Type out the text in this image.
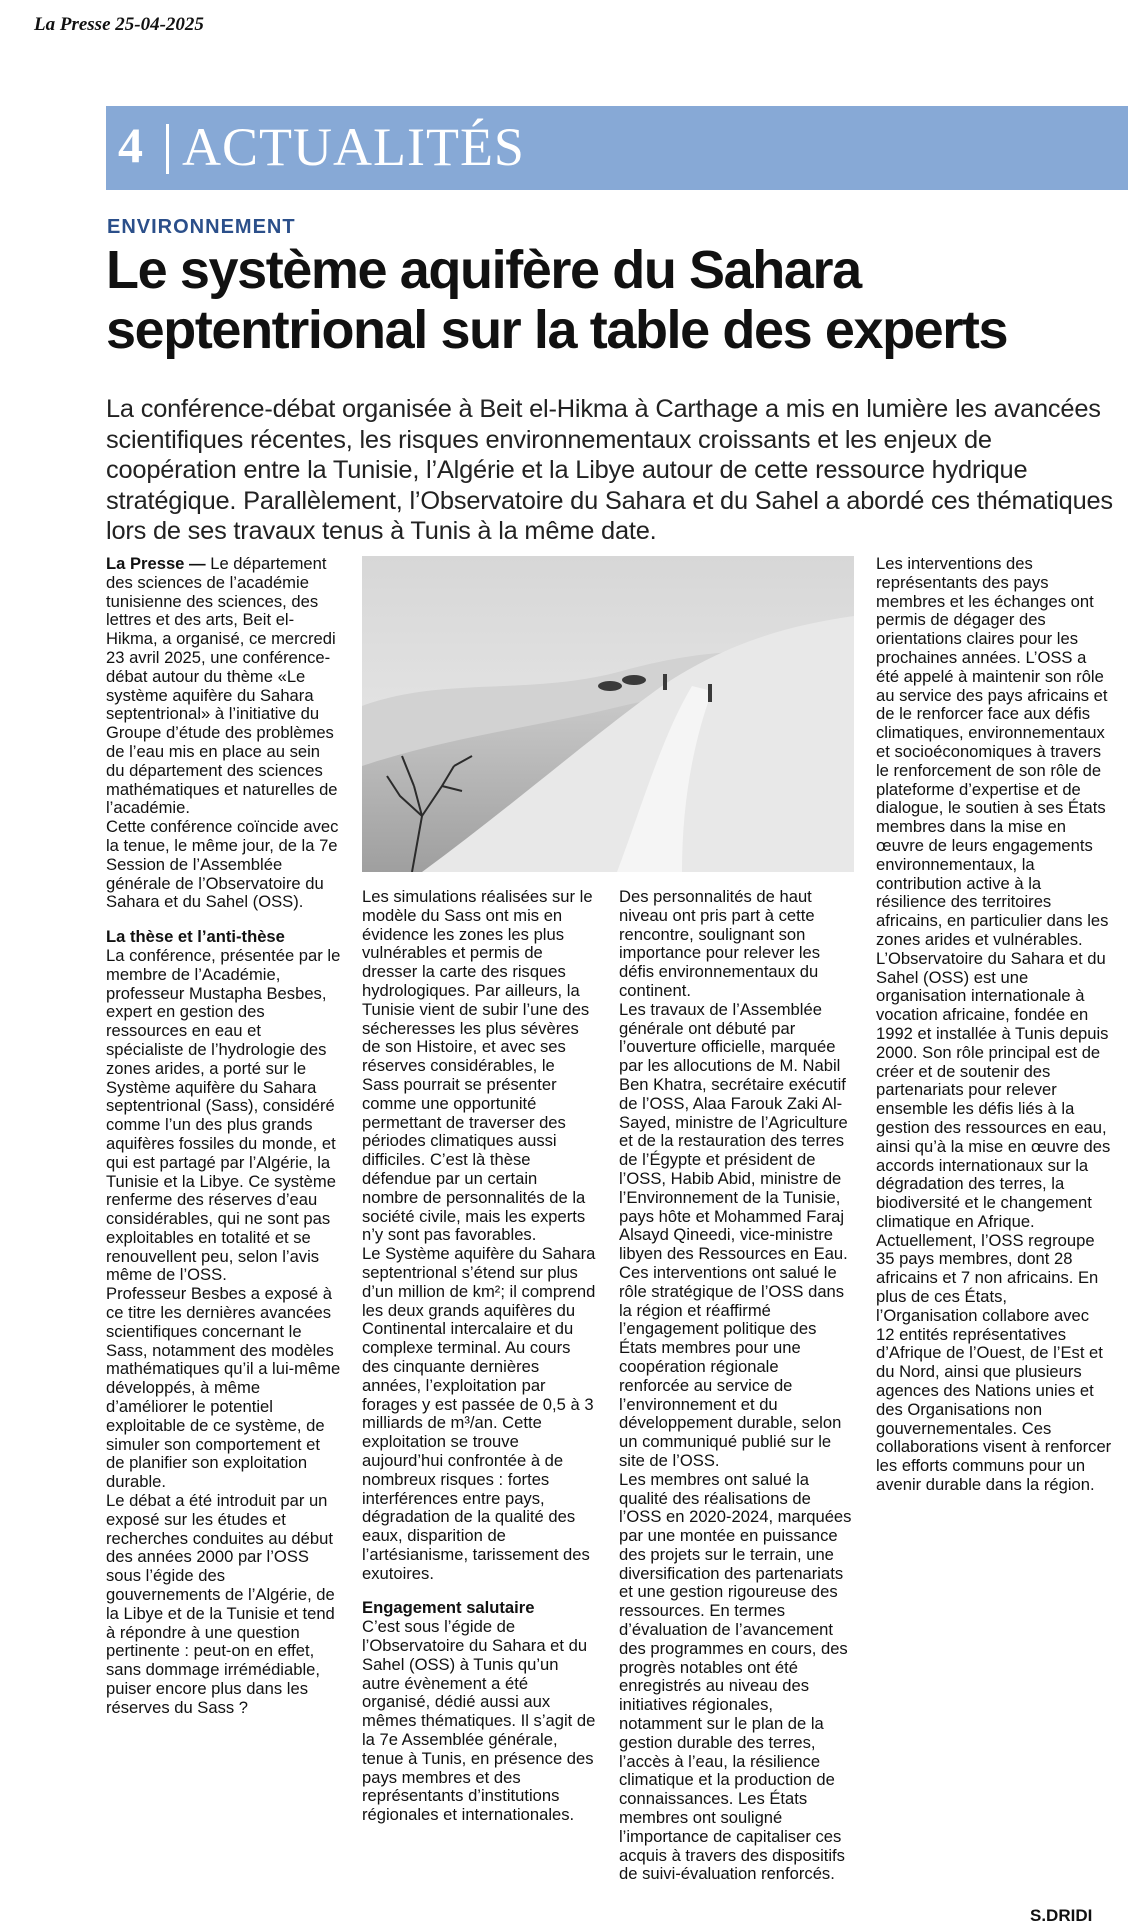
La Presse 25-04-2025
4 ACTUALITÉS
ENVIRONNEMENT
Le système aquifère du Sahara septentrional sur la table des experts
La conférence-débat organisée à Beit el-Hikma à Carthage a mis en lumière les avancées scientifiques récentes, les risques environnementaux croissants et les enjeux de coopération entre la Tunisie, l’Algérie et la Libye autour de cette ressource hydrique stratégique. Parallèlement, l’Observatoire du Sahara et du Sahel a abordé ces thématiques lors de ses travaux tenus à Tunis à la même date.

La Presse — Le département des sciences de l’académie tunisienne des sciences, des lettres et des arts, Beit el-Hikma, a organisé, ce mercredi 23 avril 2025, une conférence-débat autour du thème «Le système aquifère du Sahara septentrional» à l’initiative du Groupe d’étude des problèmes de l’eau mis en place au sein du département des sciences mathématiques et naturelles de l’académie.

Cette conférence coïncide avec la tenue, le même jour, de la 7e Session de l’Assemblée générale de l’Observatoire du Sahara et du Sahel (OSS).

La thèse et l’anti-thèse

La conférence, présentée par le membre de l’Académie, professeur Mustapha Besbes, expert en gestion des ressources en eau et spécialiste de l’hydrologie des zones arides, a porté sur le Système aquifère du Sahara septentrional (Sass), considéré comme l’un des plus grands aquifères fossiles du monde, et qui est partagé par l’Algérie, la Tunisie et la Libye. Ce système renferme des réserves d’eau considérables, qui ne sont pas exploitables en totalité et se renouvellent peu, selon l’avis même de l’OSS.

Professeur Besbes a exposé à ce titre les dernières avancées scientifiques concernant le Sass, notamment des modèles mathématiques qu’il a lui-même développés, à même d’améliorer le potentiel exploitable de ce système, de simuler son comportement et de planifier son exploitation durable.

Le débat a été introduit par un exposé sur les études et recherches conduites au début des années 2000 par l’OSS sous l’égide des gouvernements de l’Algérie, de la Libye et de la Tunisie et tend à répondre à une question pertinente : peut-on en effet, sans dommage irrémédiable, puiser encore plus dans les réserves du Sass ?

Les simulations réalisées sur le modèle du Sass ont mis en évidence les zones les plus vulnérables et permis de dresser la carte des risques hydrologiques. Par ailleurs, la Tunisie vient de subir l’une des sécheresses les plus sévères de son Histoire, et avec ses réserves considérables, le Sass pourrait se présenter comme une opportunité permettant de traverser des périodes climatiques aussi difficiles. C’est là thèse défendue par un certain nombre de personnalités de la société civile, mais les experts n’y sont pas favorables.

Le Système aquifère du Sahara septentrional s’étend sur plus d’un million de km²; il comprend les deux grands aquifères du Continental intercalaire et du complexe terminal. Au cours des cinquante dernières années, l’exploitation par forages y est passée de 0,5 à 3 milliards de m³/an. Cette exploitation se trouve aujourd’hui confrontée à de nombreux risques : fortes interférences entre pays, dégradation de la qualité des eaux, disparition de l’artésianisme, tarissement des exutoires.

Engagement salutaire

C’est sous l’égide de l’Observatoire du Sahara et du Sahel (OSS) à Tunis qu’un autre évènement a été organisé, dédié aussi aux mêmes thématiques. Il s’agit de la 7e Assemblée générale, tenue à Tunis, en présence des pays membres et des représentants d’institutions régionales et internationales.

Des personnalités de haut niveau ont pris part à cette rencontre, soulignant son importance pour relever les défis environnementaux du continent.

Les travaux de l’Assemblée générale ont débuté par l’ouverture officielle, marquée par les allocutions de M. Nabil Ben Khatra, secrétaire exécutif de l’OSS, Alaa Farouk Zaki Al-Sayed, ministre de l’Agriculture et de la restauration des terres de l’Égypte et président de l’OSS, Habib Abid, ministre de l’Environnement de la Tunisie, pays hôte et Mohammed Faraj Alsayd Qineedi, vice-ministre libyen des Ressources en Eau. Ces interventions ont salué le rôle stratégique de l’OSS dans la région et réaffirmé l’engagement politique des États membres pour une coopération régionale renforcée au service de l’environnement et du développement durable, selon un communiqué publié sur le site de l’OSS.

Les membres ont salué la qualité des réalisations de l’OSS en 2020-2024, marquées par une montée en puissance des projets sur le terrain, une diversification des partenariats et une gestion rigoureuse des ressources. En termes d’évaluation de l’avancement des programmes en cours, des progrès notables ont été enregistrés au niveau des initiatives régionales, notamment sur le plan de la gestion durable des terres, l’accès à l’eau, la résilience climatique et la production de connaissances. Les États membres ont souligné l’importance de capitaliser ces acquis à travers des dispositifs de suivi-évaluation renforcés.

Les interventions des représentants des pays membres et les échanges ont permis de dégager des orientations claires pour les prochaines années. L’OSS a été appelé à maintenir son rôle au service des pays africains et de le renforcer face aux défis climatiques, environnementaux et socioéconomiques à travers le renforcement de son rôle de plateforme d’expertise et de dialogue, le soutien à ses États membres dans la mise en œuvre de leurs engagements environnementaux, la contribution active à la résilience des territoires africains, en particulier dans les zones arides et vulnérables.

L’Observatoire du Sahara et du Sahel (OSS) est une organisation internationale à vocation africaine, fondée en 1992 et installée à Tunis depuis 2000. Son rôle principal est de créer et de soutenir des partenariats pour relever ensemble les défis liés à la gestion des ressources en eau, ainsi qu’à la mise en œuvre des accords internationaux sur la dégradation des terres, la biodiversité et le changement climatique en Afrique.

Actuellement, l’OSS regroupe 35 pays membres, dont 28 africains et 7 non africains. En plus de ces États, l’Organisation collabore avec 12 entités représentatives d’Afrique de l’Ouest, de l’Est et du Nord, ainsi que plusieurs agences des Nations unies et des Organisations non gouvernementales. Ces collaborations visent à renforcer les efforts communs pour un avenir durable dans la région.

S.DRIDI
